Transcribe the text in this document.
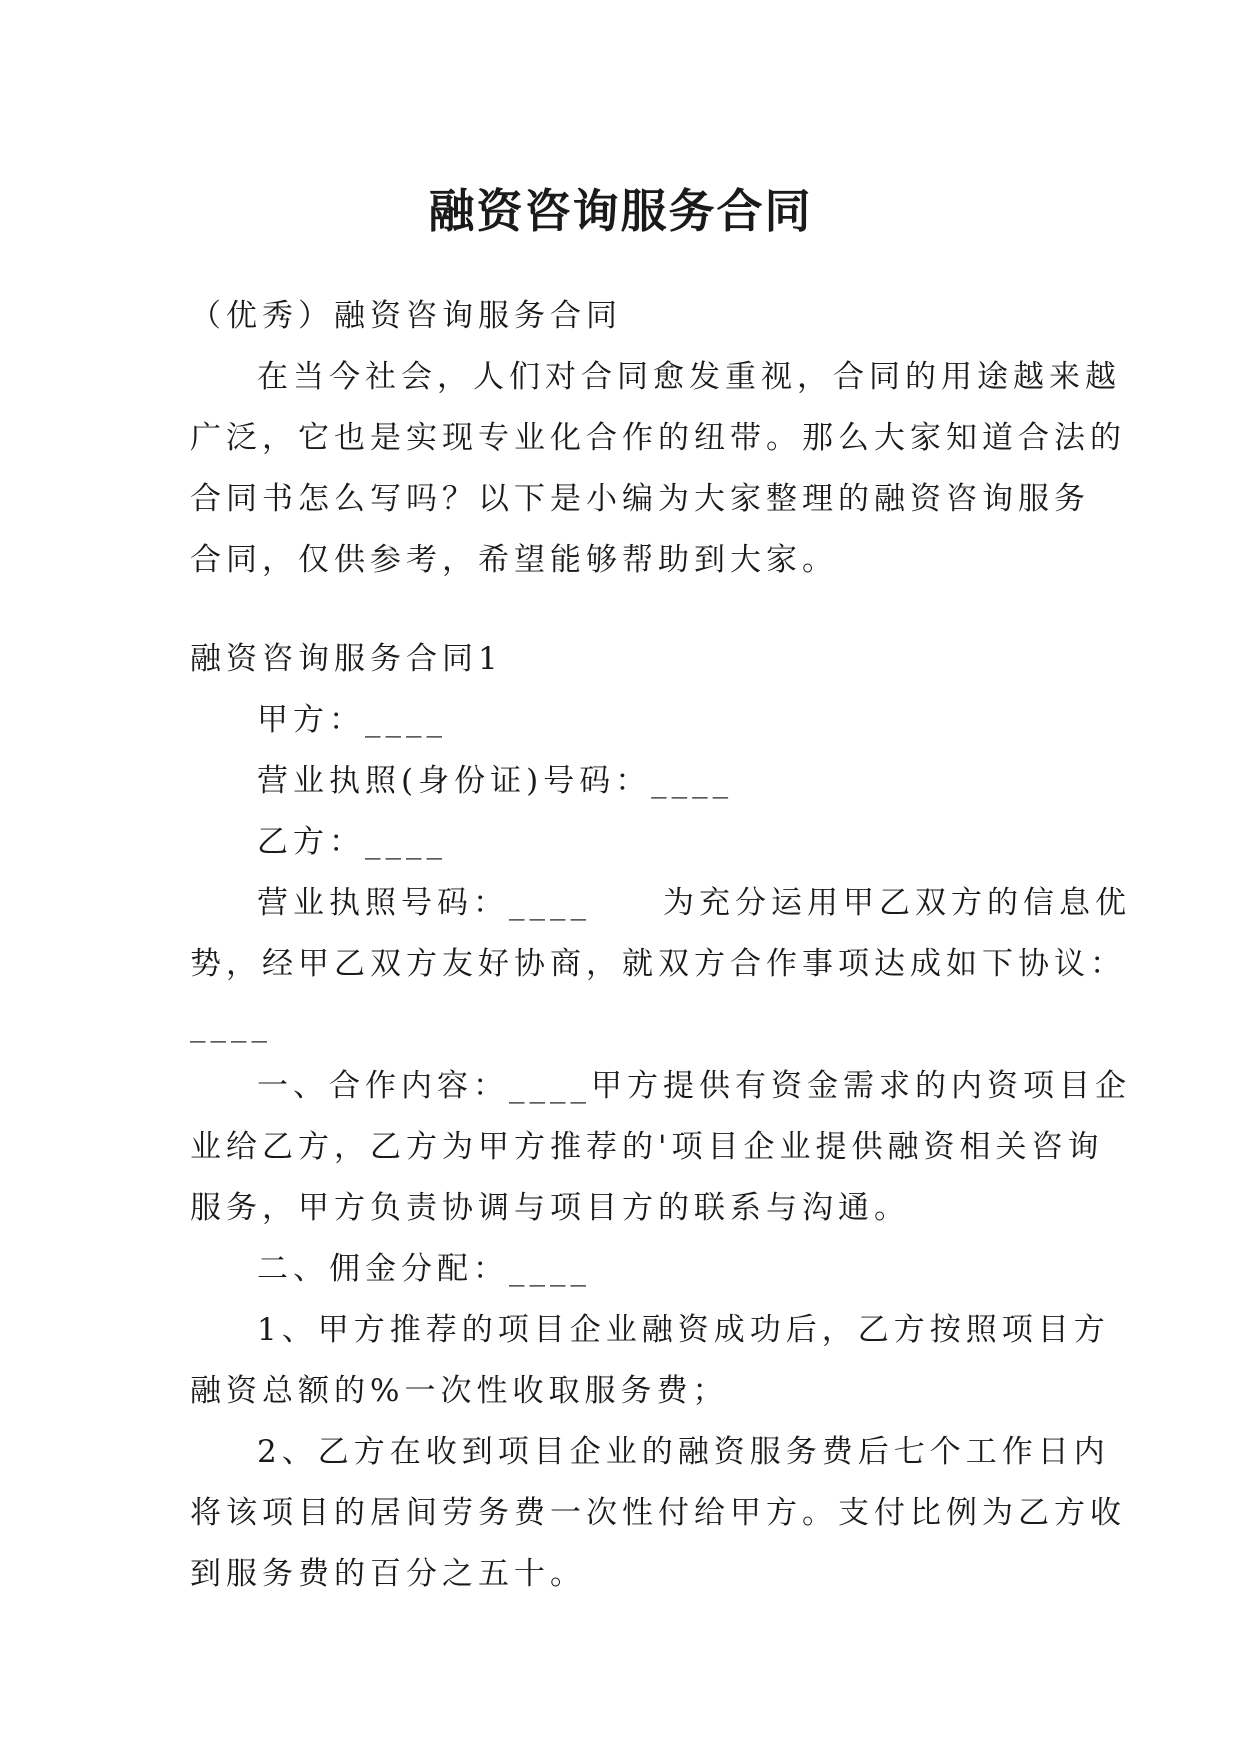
融资咨询服务合同

（优秀）融资咨询服务合同

在当今社会，人们对合同愈发重视，合同的用途越来越

广泛，它也是实现专业化合作的纽带。那么大家知道合法的

合同书怎么写吗？以下是小编为大家整理的融资咨询服务

合同，仅供参考，希望能够帮助到大家。

融资咨询服务合同1

甲方：____

营业执照(身份证)号码：____

乙方：____

营业执照号码：____　　为充分运用甲乙双方的信息优

势，经甲乙双方友好协商，就双方合作事项达成如下协议：

____

一、合作内容：____甲方提供有资金需求的内资项目企

业给乙方，乙方为甲方推荐的'项目企业提供融资相关咨询

服务，甲方负责协调与项目方的联系与沟通。

二、佣金分配：____

1、甲方推荐的项目企业融资成功后，乙方按照项目方

融资总额的%一次性收取服务费；

2、乙方在收到项目企业的融资服务费后七个工作日内

将该项目的居间劳务费一次性付给甲方。支付比例为乙方收

到服务费的百分之五十。
